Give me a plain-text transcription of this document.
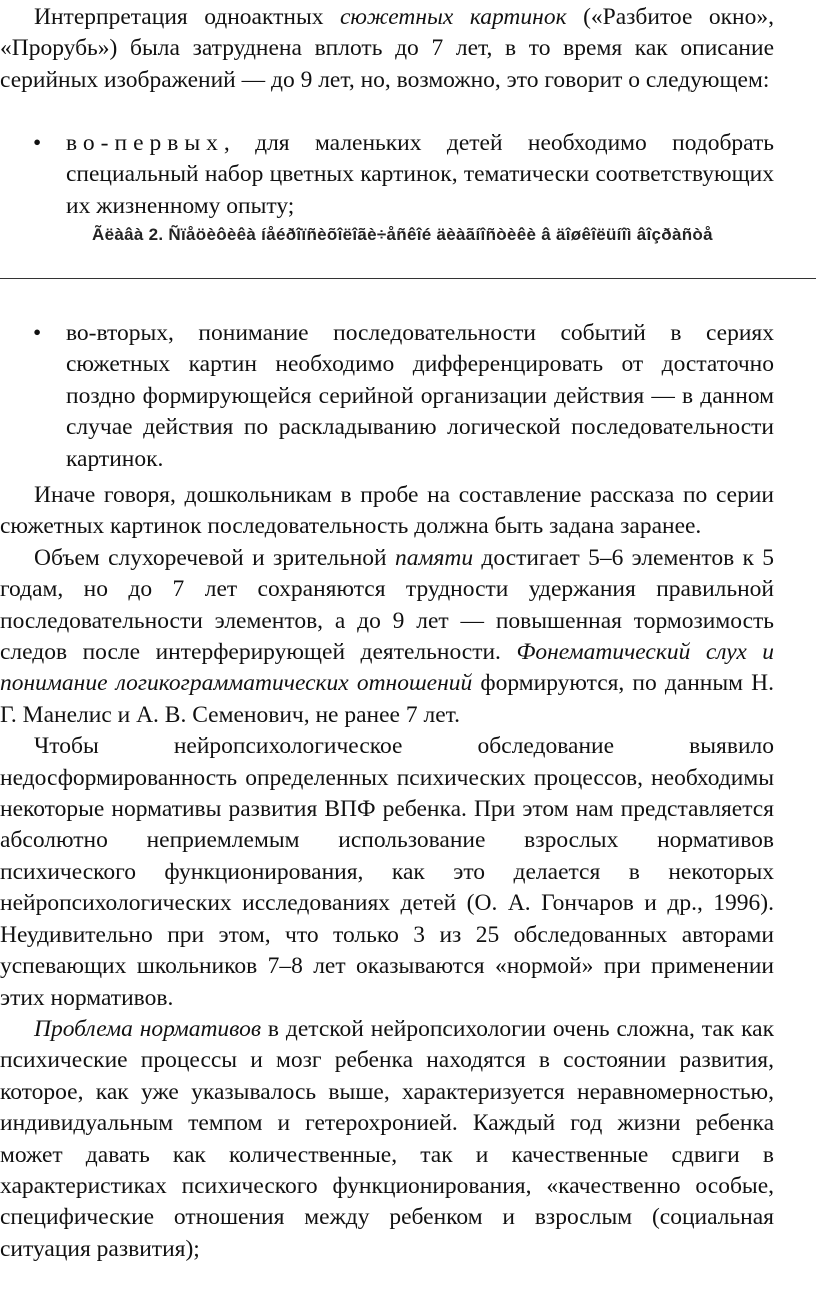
Интерпретация одноактных сюжетных картинок («Разбитое окно», «Прорубь») была затруднена вплоть до 7 лет, в то время как описание серийных изображений — до 9 лет, но, возможно, это говорит о следующем:

• во-первых, для маленьких детей необходимо подобрать специальный набор цветных картинок, тематически соответствующих их жизненному опыту;
Ãëàâà 2. Ñïåöèôèêà íåéðîïñèõîëîãè÷åñêîé äèàãíîñòèêè â äîøêîëüíîì âîçðàñòå
• во-вторых, понимание последовательности событий в сериях сюжетных картин необходимо дифференцировать от достаточно поздно формирующейся серийной организации действия — в данном случае действия по раскладыванию логической последовательности картинок.

Иначе говоря, дошкольникам в пробе на составление рассказа по серии сюжетных картинок последовательность должна быть задана заранее.

Объем слухоречевой и зрительной памяти достигает 5–6 элементов к 5 годам, но до 7 лет сохраняются трудности удержания правильной последовательности элементов, а до 9 лет — повышенная тормозимость следов после интерферирующей деятельности. Фонематический слух и понимание логикограмматических отношений формируются, по данным Н. Г. Манелис и А. В. Семенович, не ранее 7 лет.

Чтобы нейропсихологическое обследование выявило недосформированность определенных психических процессов, необходимы некоторые нормативы развития ВПФ ребенка. При этом нам представляется абсолютно неприемлемым использование взрослых нормативов психического функционирования, как это делается в некоторых нейропсихологических исследованиях детей (О. А. Гончаров и др., 1996). Неудивительно при этом, что только 3 из 25 обследованных авторами успевающих школьников 7–8 лет оказываются «нормой» при применении этих нормативов.

Проблема нормативов в детской нейропсихологии очень сложна, так как психические процессы и мозг ребенка находятся в состоянии развития, которое, как уже указывалось выше, характеризуется неравномерностью, индивидуальным темпом и гетерохронией. Каждый год жизни ребенка может давать как количественные, так и качественные сдвиги в характеристиках психического функционирования, «качественно особые, специфические отношения между ребенком и взрослым (социальная ситуация развития);
